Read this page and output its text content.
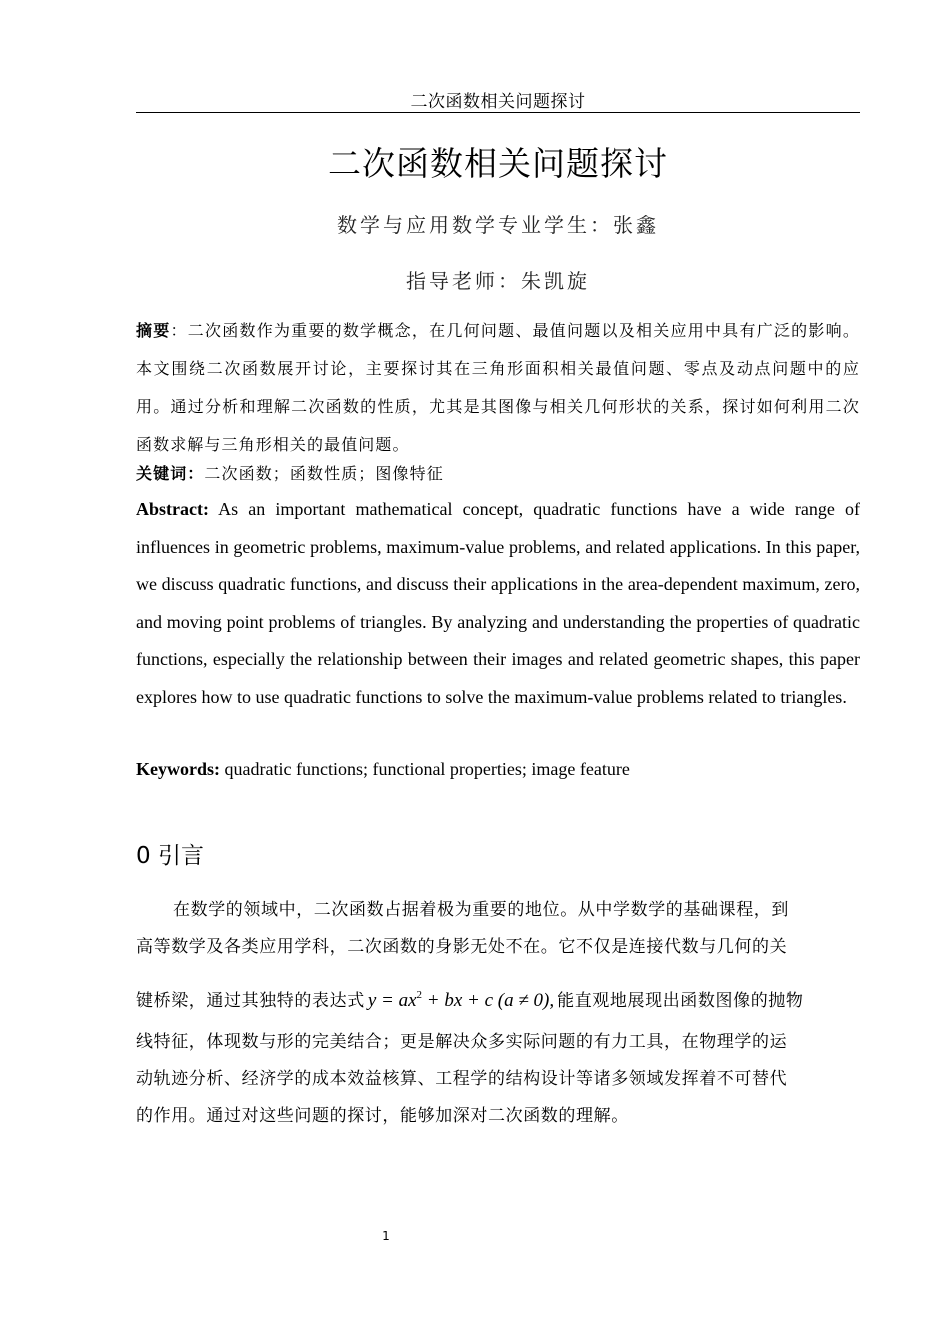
二次函数相关问题探讨
二次函数相关问题探讨
数学与应用数学专业学生：张鑫
指导老师：朱凯旋

摘要：二次函数作为重要的数学概念，在几何问题、最值问题以及相关应用中具有广泛的影响。本文围绕二次函数展开讨论，主要探讨其在三角形面积相关最值问题、零点及动点问题中的应用。通过分析和理解二次函数的性质，尤其是其图像与相关几何形状的关系，探讨如何利用二次函数求解与三角形相关的最值问题。

关键词：二次函数；函数性质；图像特征

Abstract: As an important mathematical concept, quadratic functions have a wide range of influences in geometric problems, maximum-value problems, and related applications. In this paper, we discuss quadratic functions, and discuss their applications in the area-dependent maximum, zero, and moving point problems of triangles. By analyzing and understanding the properties of quadratic functions, especially the relationship between their images and related geometric shapes, this paper explores how to use quadratic functions to solve the maximum-value problems related to triangles.

Keywords: quadratic functions; functional properties; image feature

0 引言
在数学的领域中，二次函数占据着极为重要的地位。从中学数学的基础课程，到
高等数学及各类应用学科，二次函数的身影无处不在。它不仅是连接代数与几何的关
键桥梁，通过其独特的表达式 $y = ax^2$ + bx + c (a ≠ 0), 能直观地展现出函数图像的抛物
线特征，体现数与形的完美结合；更是解决众多实际问题的有力工具，在物理学的运
动轨迹分析、经济学的成本效益核算、工程学的结构设计等诸多领域发挥着不可替代
的作用。通过对这些问题的探讨，能够加深对二次函数的理解。
1
